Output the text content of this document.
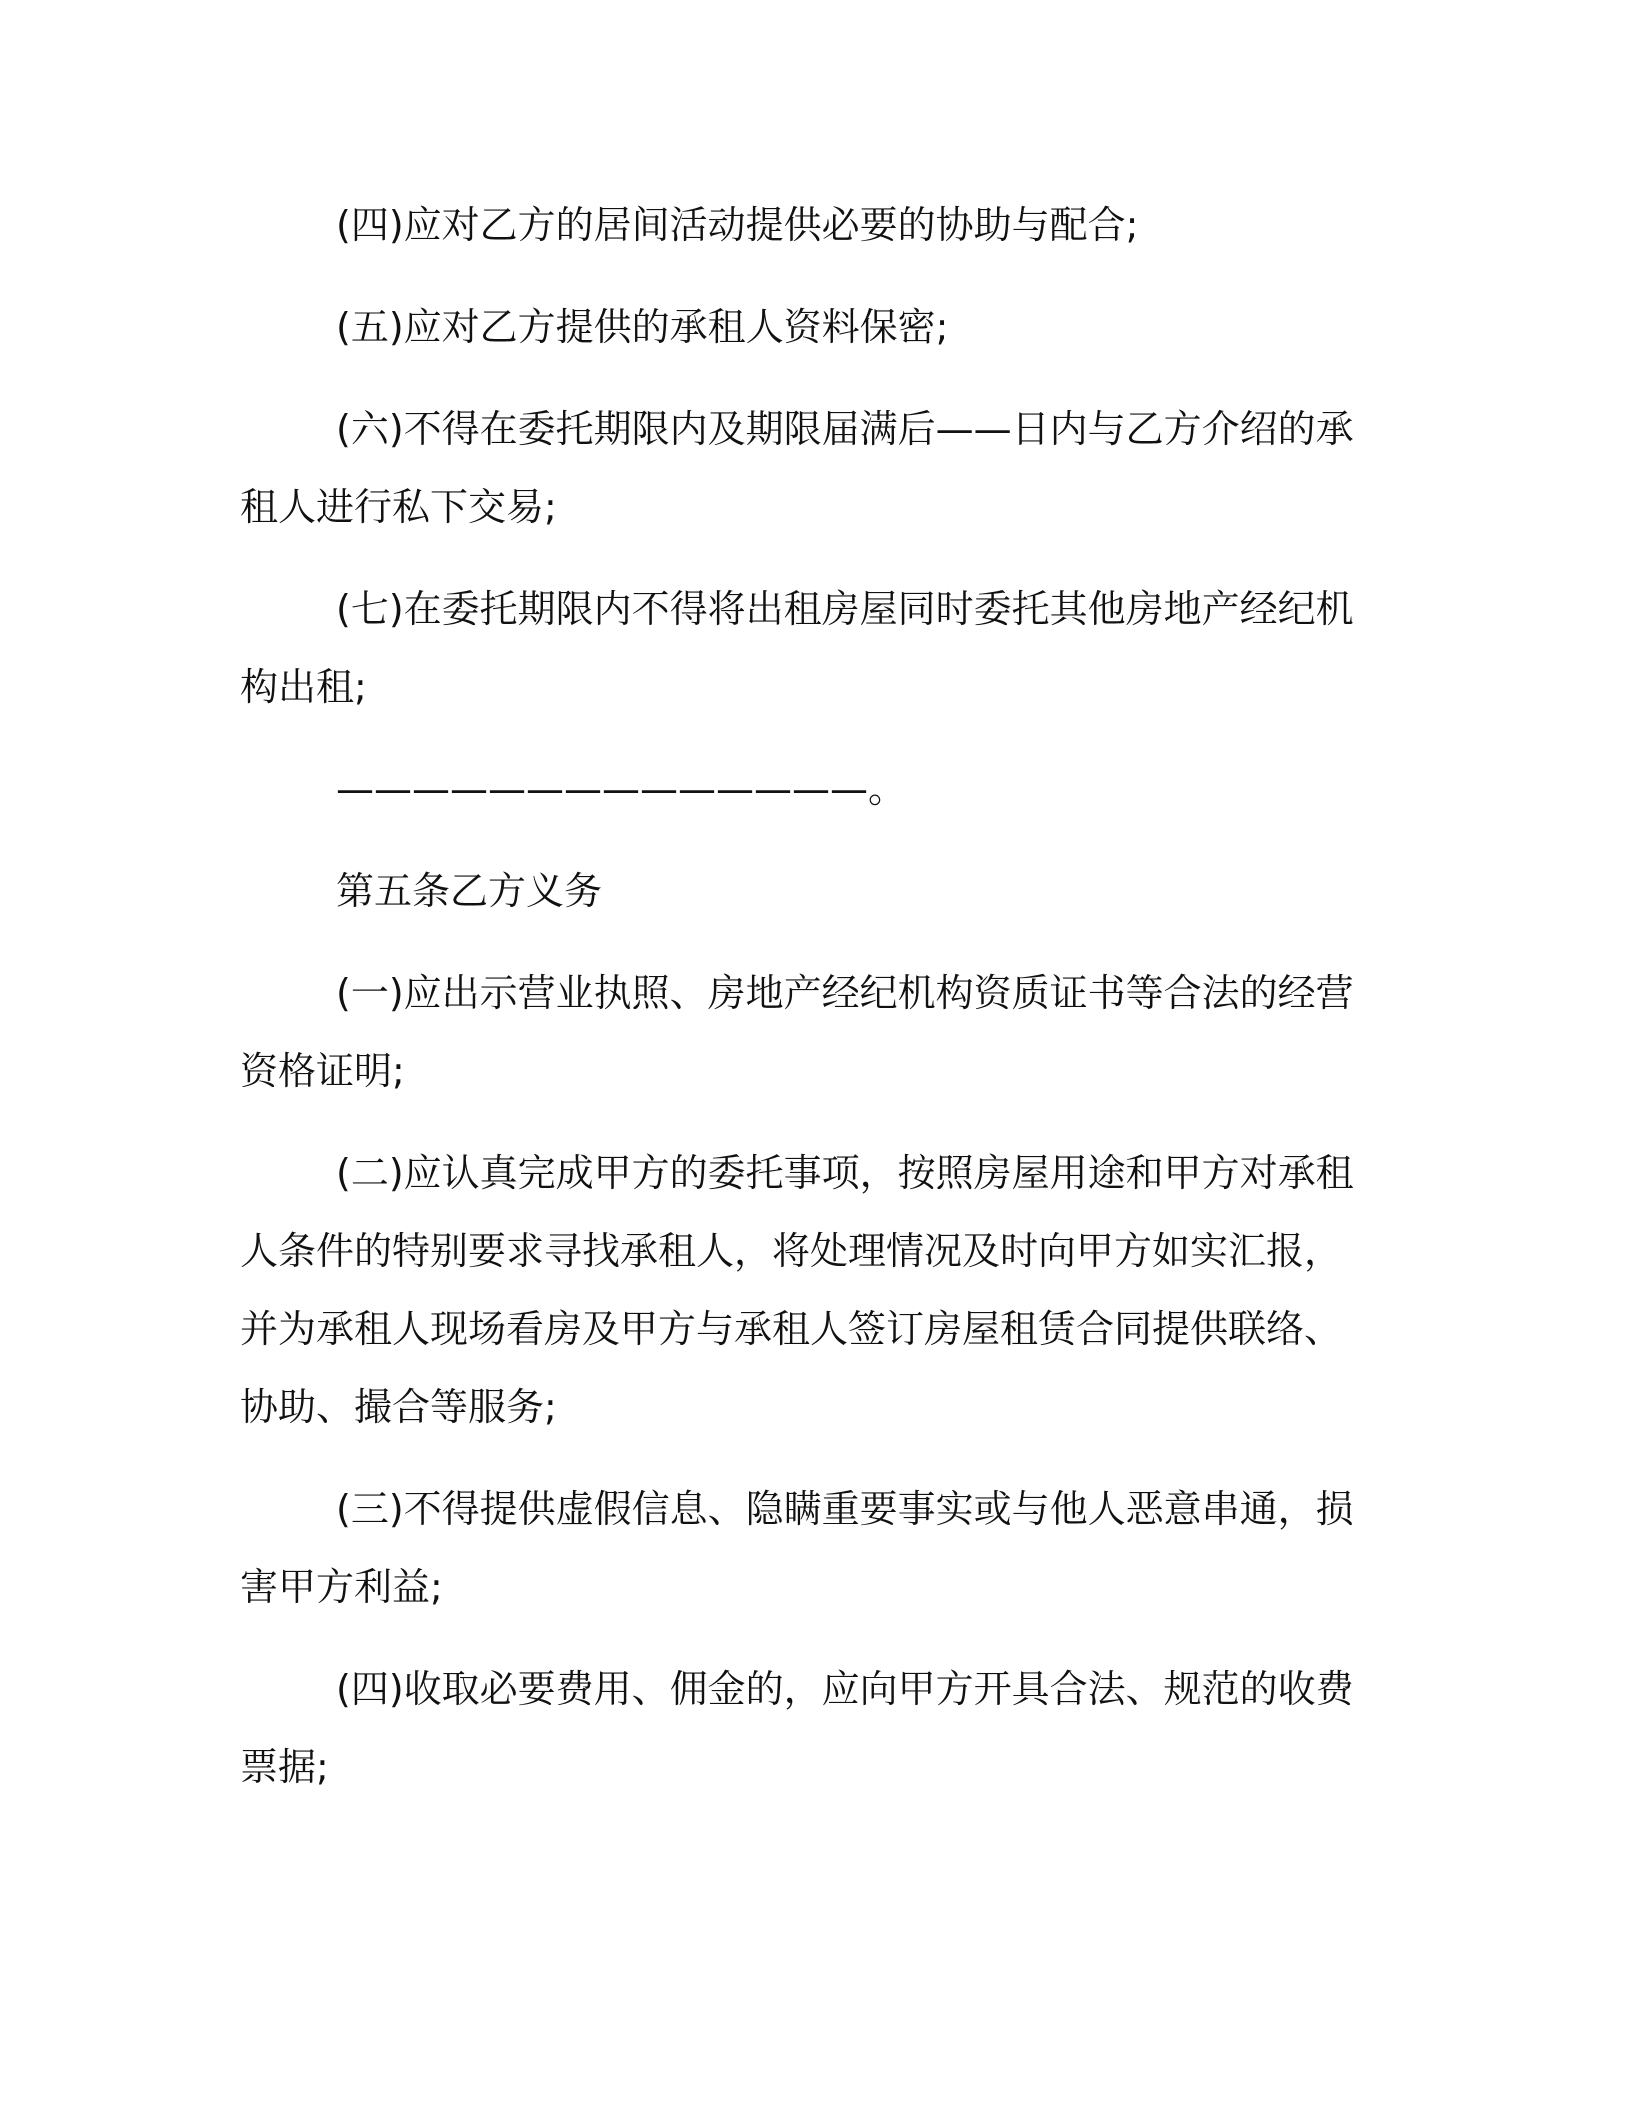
(四)应对乙方的居间活动提供必要的协助与配合;

(五)应对乙方提供的承租人资料保密;

(六)不得在委托期限内及期限届满后——日内与乙方介绍的承租人进行私下交易;

(七)在委托期限内不得将出租房屋同时委托其他房地产经纪机构出租;

——————————————。

第五条乙方义务

(一)应出示营业执照、房地产经纪机构资质证书等合法的经营资格证明;

(二)应认真完成甲方的委托事项，按照房屋用途和甲方对承租人条件的特别要求寻找承租人，将处理情况及时向甲方如实汇报，并为承租人现场看房及甲方与承租人签订房屋租赁合同提供联络、协助、撮合等服务;

(三)不得提供虚假信息、隐瞒重要事实或与他人恶意串通，损害甲方利益;

(四)收取必要费用、佣金的，应向甲方开具合法、规范的收费票据;
